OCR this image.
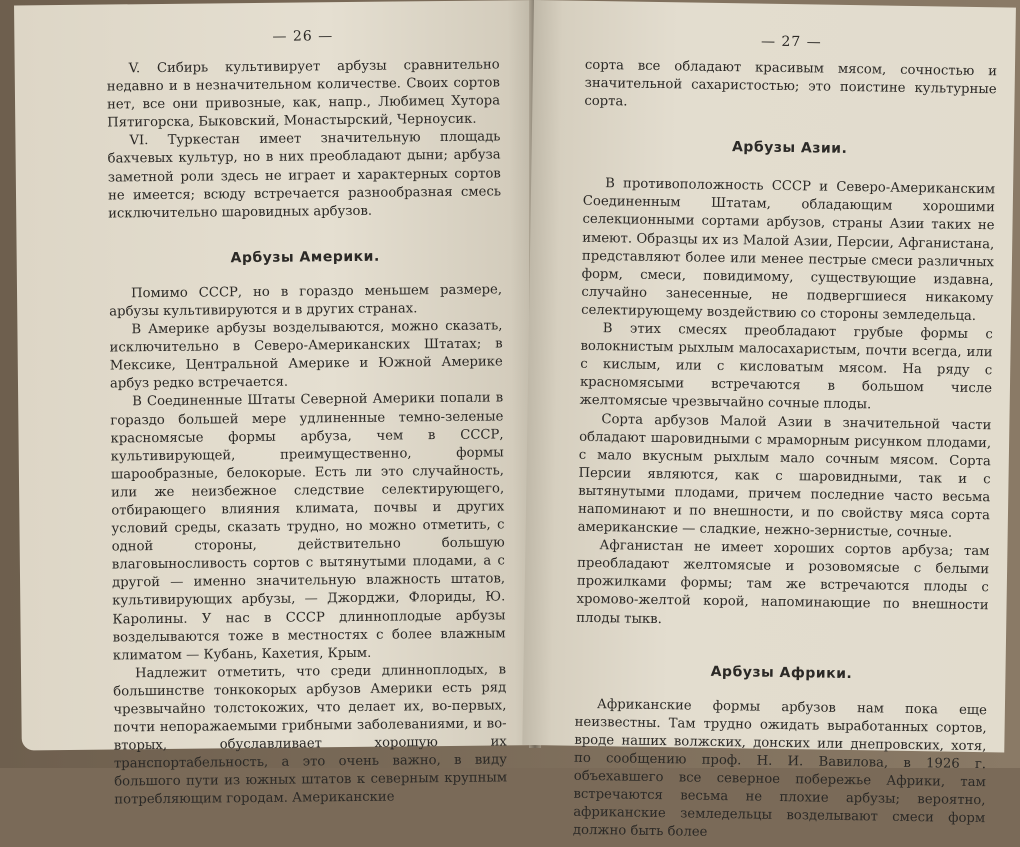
— 26 —

V. Сибирь культивирует арбузы сравнительно недавно и в незначительном количестве. Своих сортов нет, все они привозные, как, напр., Любимец Хутора Пятигорска, Быковский, Монастырский, Черноусик.

VI. Туркестан имеет значительную площадь бахчевых культур, но в них преобладают дыни; арбуза заметной роли здесь не играет и характерных сортов не имеется; всюду встречается разнообразная смесь исключительно шаровидных арбузов.

Арбузы Америки.

Помимо СССР, но в гораздо меньшем размере, арбузы культивируются и в других странах.

В Америке арбузы возделываются, можно сказать, исключительно в Северо-Американских Штатах; в Мексике, Центральной Америке и Южной Америке арбуз редко встречается.

В Соединенные Штаты Северной Америки попали в гораздо большей мере удлиненные темно-зеленые красномясые формы арбуза, чем в СССР, культивирующей, преимущественно, формы шарообразные, белокорые. Есть ли это случайность, или же неизбежное следствие селектирующего, отбирающего влияния климата, почвы и других условий среды, сказать трудно, но можно отметить, с одной стороны, действительно большую влаговыносливость сортов с вытянутыми плодами, а с другой — именно значительную влажность штатов, культивирующих арбузы, — Джорджи, Флориды, Ю. Каролины. У нас в СССР длинноплодые арбузы возделываются тоже в местностях с более влажным климатом — Кубань, Кахетия, Крым.

Надлежит отметить, что среди длинноплодых, в большинстве тонкокорых арбузов Америки есть ряд чрезвычайно толстокожих, что делает их, во-первых, почти непоражаемыми грибными заболеваниями, и во-вторых, обуславливает хорошую их транспортабельность, а это очень важно, в виду большого пути из южных штатов к северным крупным потребляющим городам. Американские

— 27 —

сорта все обладают красивым мясом, сочностью и значительной сахаристостью; это поистине культурные сорта.

Арбузы Азии.

В противоположность СССР и Северо-Американским Соединенным Штатам, обладающим хорошими селекционными сортами арбузов, страны Азии таких не имеют. Образцы их из Малой Азии, Персии, Афганистана, представляют более или менее пестрые смеси различных форм, смеси, повидимому, существующие издавна, случайно занесенные, не подвергшиеся никакому селектирующему воздействию со стороны земледельца.

В этих смесях преобладают грубые формы с волокнистым рыхлым малосахаристым, почти всегда, или с кислым, или с кисловатым мясом. На ряду с красномясыми встречаются в большом числе желтомясые чрезвычайно сочные плоды.

Сорта арбузов Малой Азии в значительной части обладают шаровидными с мраморным рисунком плодами, с мало вкусным рыхлым мало сочным мясом. Сорта Персии являются, как с шаровидными, так и с вытянутыми плодами, причем последние часто весьма напоминают и по внешности, и по свойству мяса сорта американские — сладкие, нежно-зернистые, сочные.

Афганистан не имеет хороших сортов арбуза; там преобладают желтомясые и розовомясые с белыми прожилками формы; там же встречаются плоды с хромово-желтой корой, напоминающие по внешности плоды тыкв.

Арбузы Африки.

Африканские формы арбузов нам пока еще неизвестны. Там трудно ожидать выработанных сортов, вроде наших волжских, донских или днепровских, хотя, по сообщению проф. Н. И. Вавилова, в 1926 г. объехавшего все северное побережье Африки, там встречаются весьма не плохие арбузы; вероятно, африканские земледельцы возделывают смеси форм должно быть более
